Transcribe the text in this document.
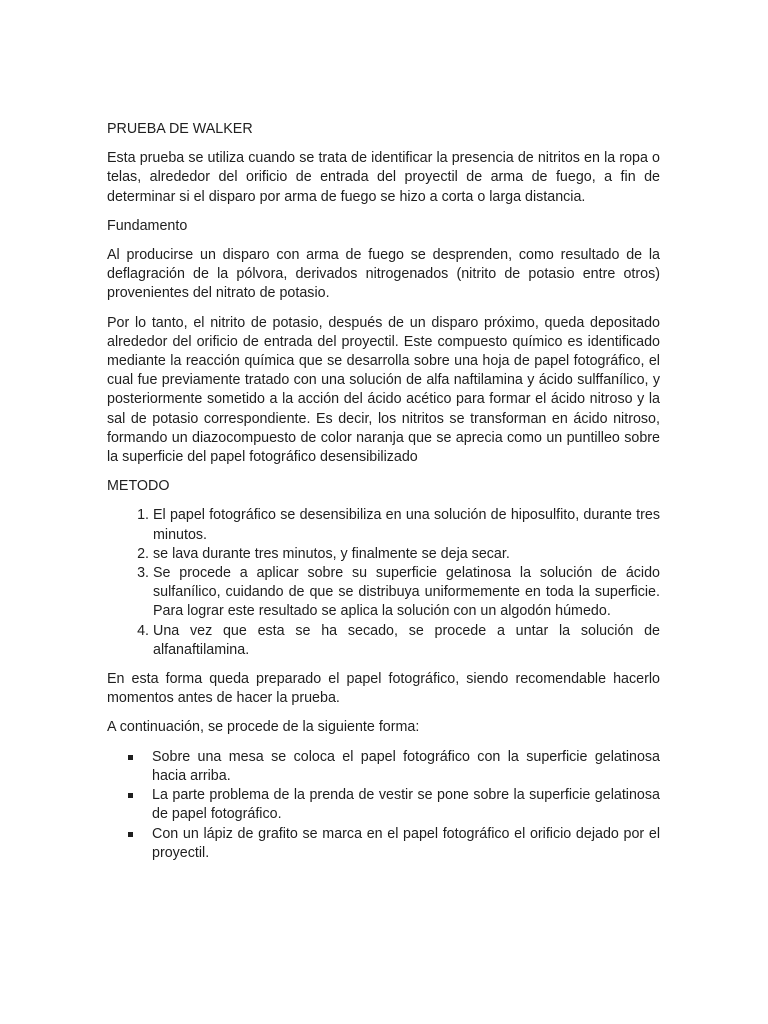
PRUEBA DE WALKER

Esta prueba se utiliza cuando se trata de identificar la presencia de nitritos en la ropa o telas, alrededor del orificio de entrada del proyectil de arma de fuego, a fin de determinar si el disparo por arma de fuego se hizo a corta o larga distancia.

Fundamento

Al producirse un disparo con arma de fuego se desprenden, como resultado de la deflagración de la pólvora, derivados nitrogenados (nitrito de potasio entre otros) provenientes del nitrato de potasio.

Por lo tanto, el nitrito de potasio, después de un disparo próximo, queda depositado alrededor del orificio de entrada del proyectil. Este compuesto químico es identificado mediante la reacción química que se desarrolla sobre una hoja de papel fotográfico, el cual fue previamente tratado con una solución de alfa naftilamina y ácido sulffanílico, y posteriormente sometido a la acción del ácido acético para formar el ácido nitroso y la sal de potasio correspondiente. Es decir, los nitritos se transforman en ácido nitroso, formando un diazocompuesto de color naranja que se aprecia como un puntilleo sobre la superficie del papel fotográfico desensibilizado

METODO

1. El papel fotográfico se desensibiliza en una solución de hiposulfito, durante tres minutos.
2. se lava durante tres minutos, y finalmente se deja secar.
3. Se procede a aplicar sobre su superficie gelatinosa la solución de ácido sulfanílico, cuidando de que se distribuya uniformemente en toda la superficie. Para lograr este resultado se aplica la solución con un algodón húmedo.
4. Una vez que esta se ha secado, se procede a untar la solución de alfanaftilamina.

En esta forma queda preparado el papel fotográfico, siendo recomendable hacerlo momentos antes de hacer la prueba.

A continuación, se procede de la siguiente forma:

Sobre una mesa se coloca el papel fotográfico con la superficie gelatinosa hacia arriba.
La parte problema de la prenda de vestir se pone sobre la superficie gelatinosa de papel fotográfico.
Con un lápiz de grafito se marca en el papel fotográfico el orificio dejado por el proyectil.
